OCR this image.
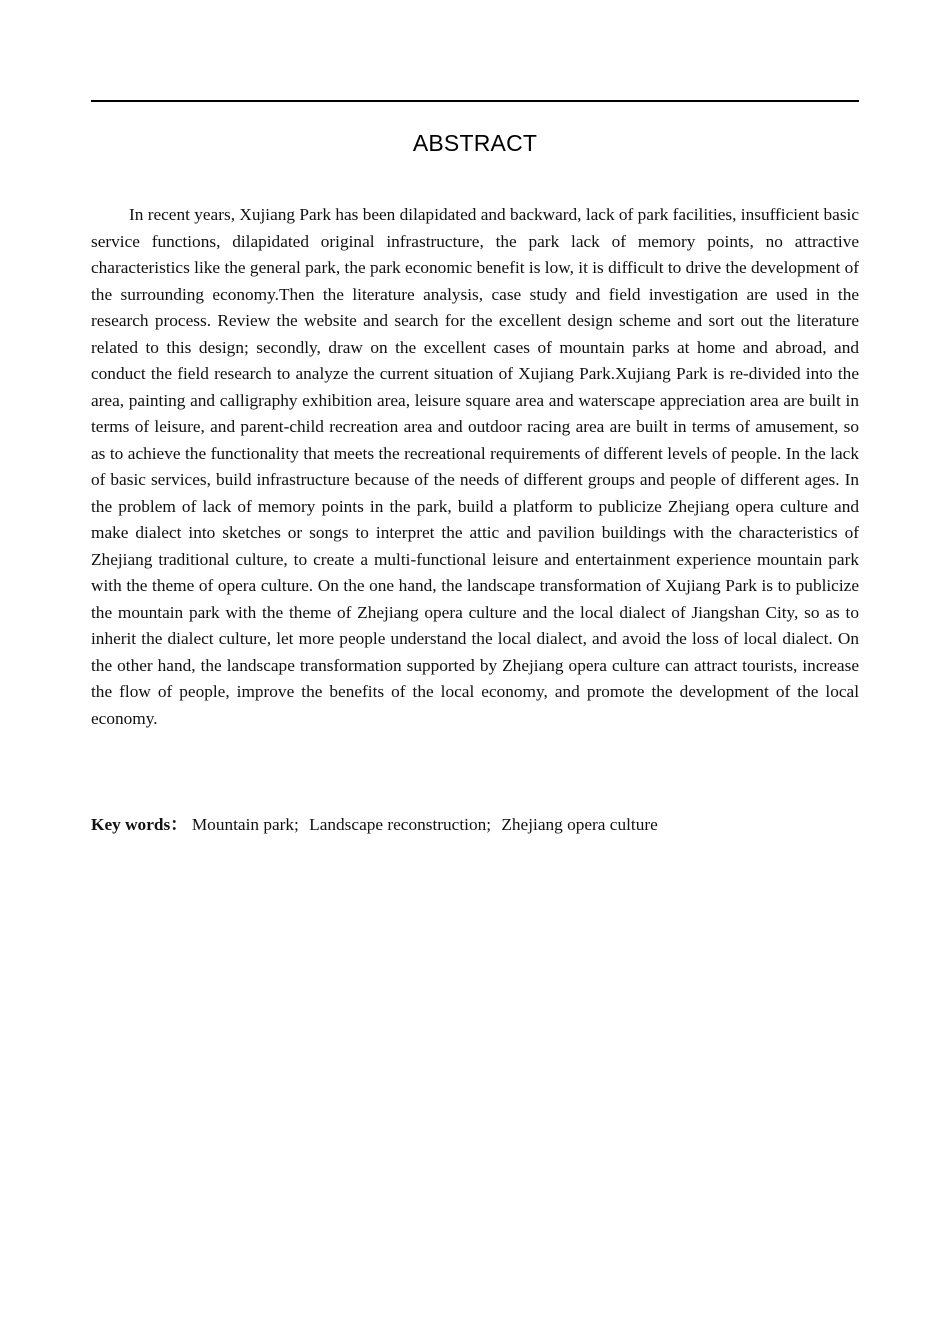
ABSTRACT

In recent years, Xujiang Park has been dilapidated and backward, lack of park facilities, insufficient basic service functions, dilapidated original infrastructure, the park lack of memory points, no attractive characteristics like the general park, the park economic benefit is low, it is difficult to drive the development of the surrounding economy.Then the literature analysis, case study and field investigation are used in the research process. Review the website and search for the excellent design scheme and sort out the literature related to this design; secondly, draw on the excellent cases of mountain parks at home and abroad, and conduct the field research to analyze the current situation of Xujiang Park.Xujiang Park is re-divided into the area, painting and calligraphy exhibition area, leisure square area and waterscape appreciation area are built in terms of leisure, and parent-child recreation area and outdoor racing area are built in terms of amusement, so as to achieve the functionality that meets the recreational requirements of different levels of people. In the lack of basic services, build infrastructure because of the needs of different groups and people of different ages. In the problem of lack of memory points in the park, build a platform to publicize Zhejiang opera culture and make dialect into sketches or songs to interpret the attic and pavilion buildings with the characteristics of Zhejiang traditional culture, to create a multi-functional leisure and entertainment experience mountain park with the theme of opera culture. On the one hand, the landscape transformation of Xujiang Park is to publicize the mountain park with the theme of Zhejiang opera culture and the local dialect of Jiangshan City, so as to inherit the dialect culture, let more people understand the local dialect, and avoid the loss of local dialect. On the other hand, the landscape transformation supported by Zhejiang opera culture can attract tourists, increase the flow of people, improve the benefits of the local economy, and promote the development of the local economy.

Key words： Mountain park; Landscape reconstruction; Zhejiang opera culture
